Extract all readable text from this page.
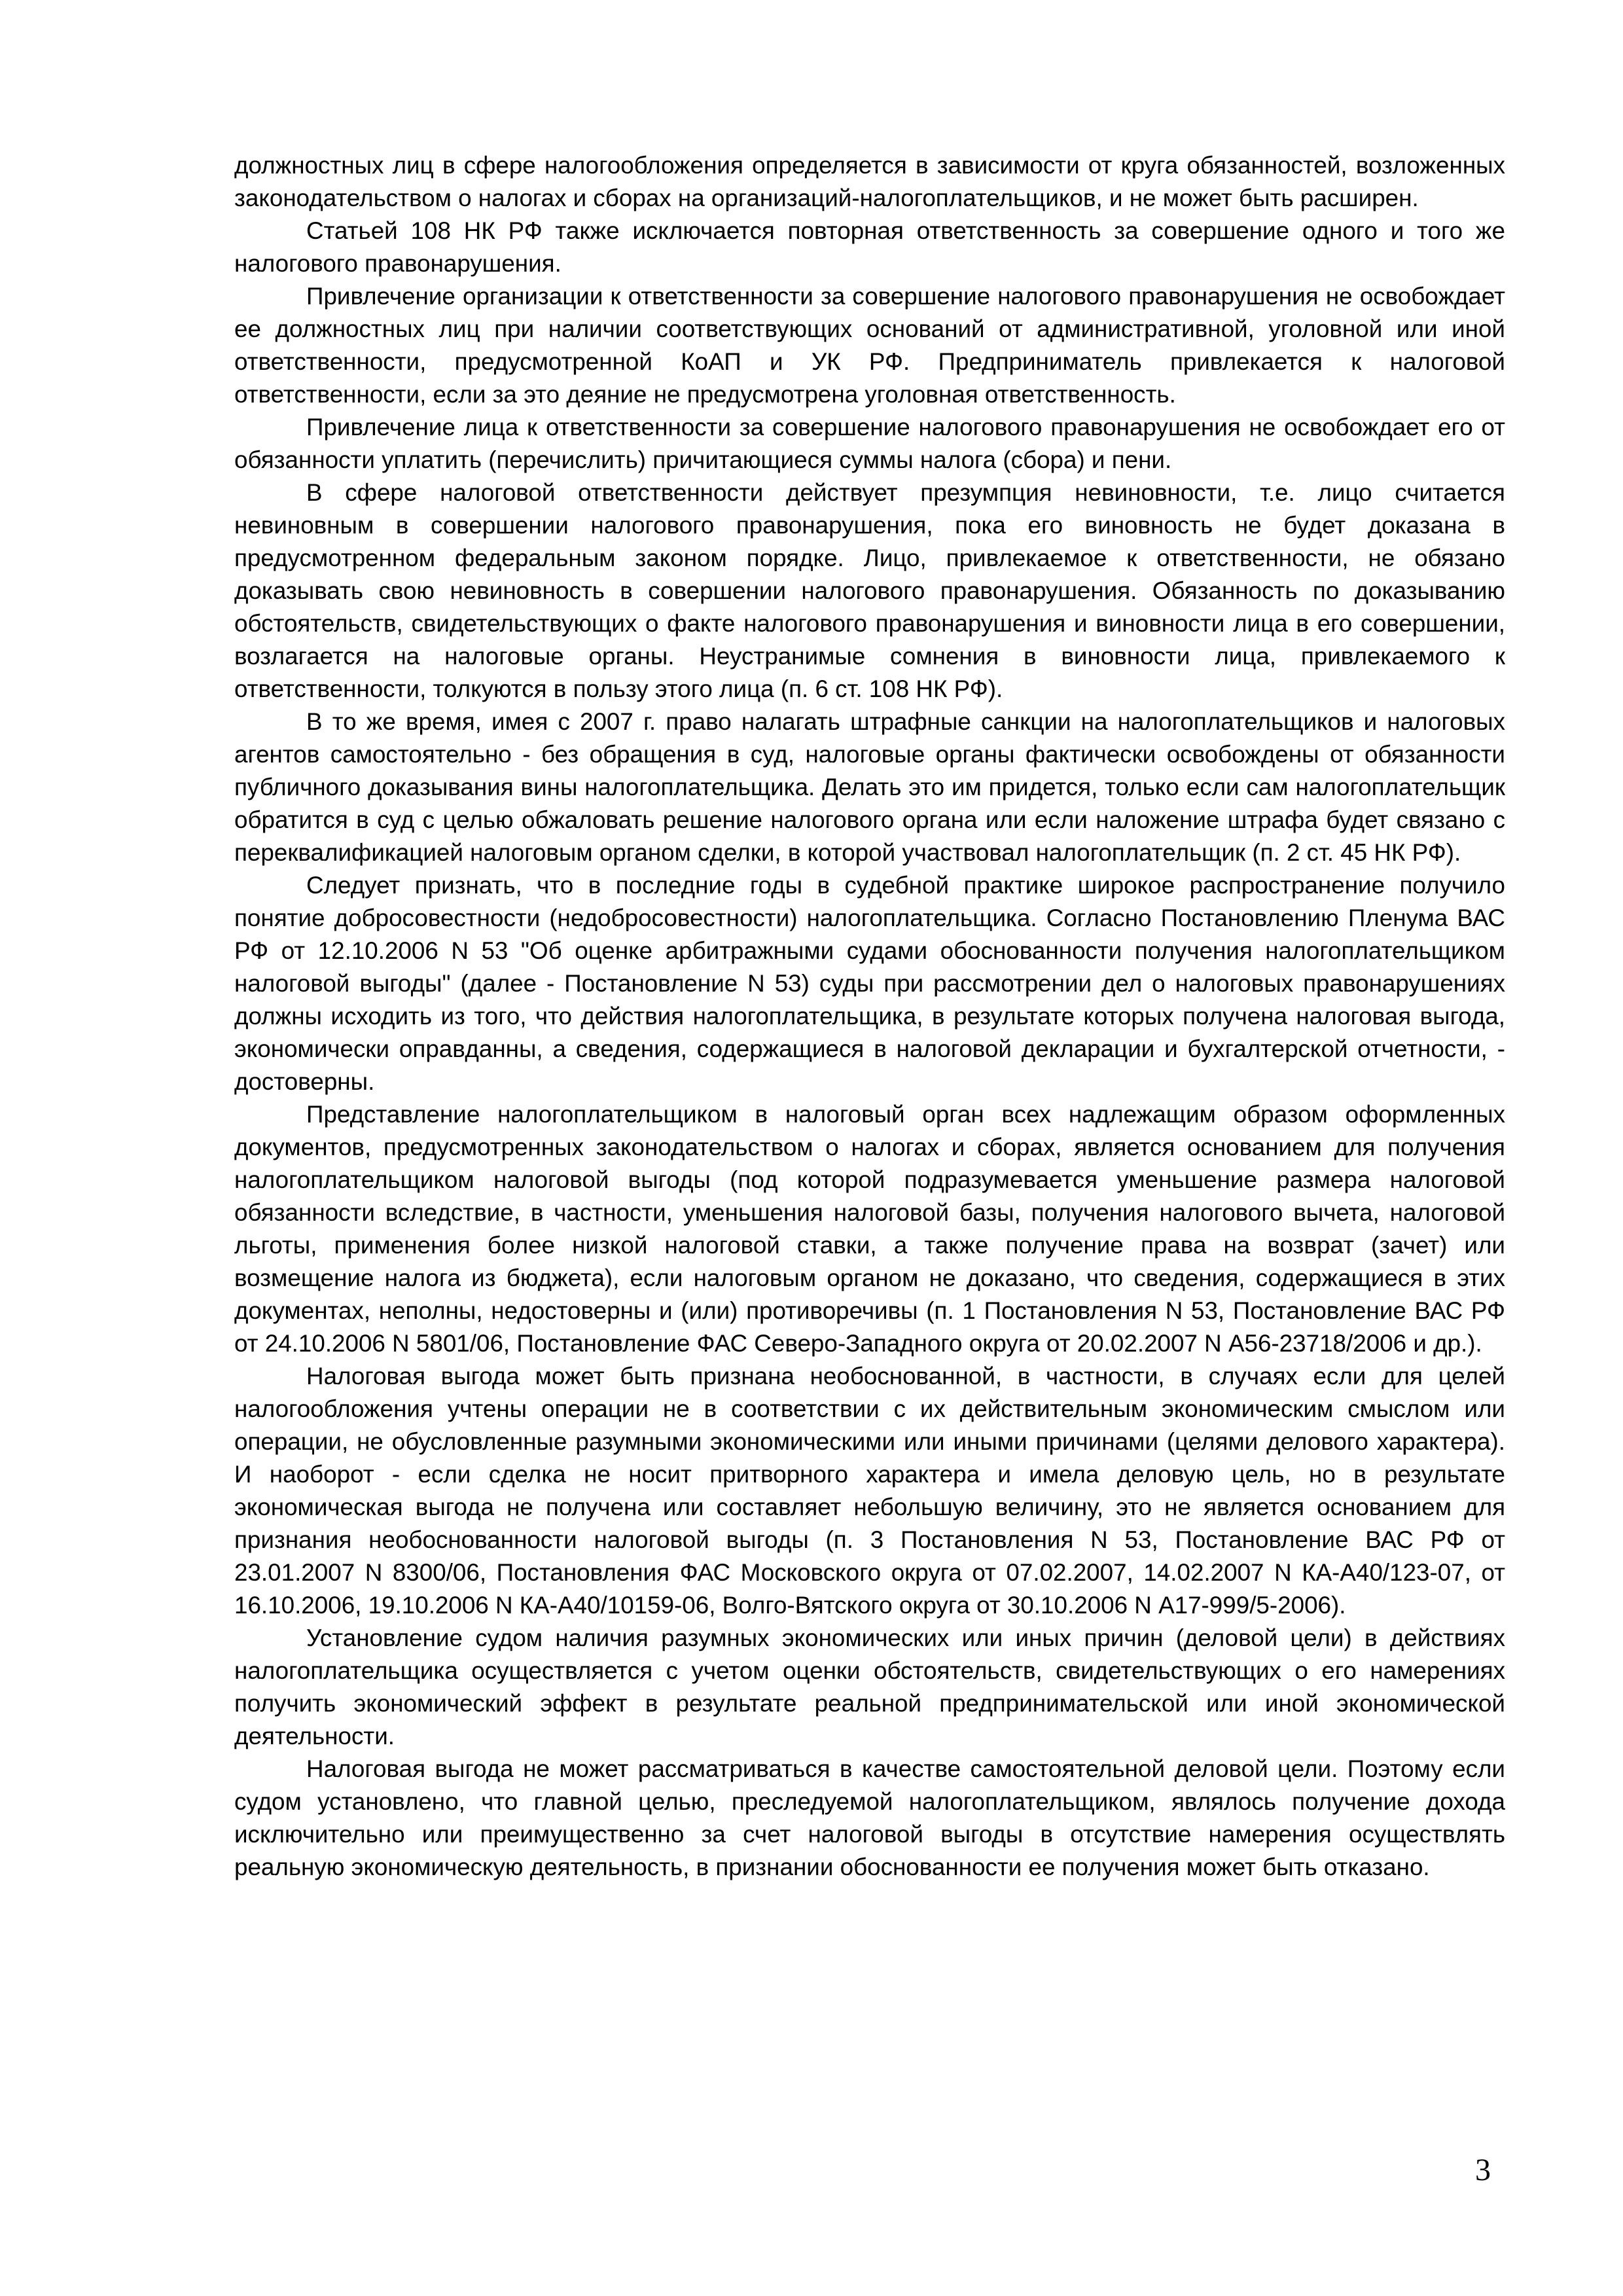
должностных лиц в сфере налогообложения определяется в зависимости от круга обязанностей, возложенных законодательством о налогах и сборах на организаций-налогоплательщиков, и не может быть расширен.

Статьей 108 НК РФ также исключается повторная ответственность за совершение одного и того же налогового правонарушения.

Привлечение организации к ответственности за совершение налогового правонарушения не освобождает ее должностных лиц при наличии соответствующих оснований от административной, уголовной или иной ответственности, предусмотренной КоАП и УК РФ. Предприниматель привлекается к налоговой ответственности, если за это деяние не предусмотрена уголовная ответственность.

Привлечение лица к ответственности за совершение налогового правонарушения не освобождает его от обязанности уплатить (перечислить) причитающиеся суммы налога (сбора) и пени.

В сфере налоговой ответственности действует презумпция невиновности, т.е. лицо считается невиновным в совершении налогового правонарушения, пока его виновность не будет доказана в предусмотренном федеральным законом порядке. Лицо, привлекаемое к ответственности, не обязано доказывать свою невиновность в совершении налогового правонарушения. Обязанность по доказыванию обстоятельств, свидетельствующих о факте налогового правонарушения и виновности лица в его совершении, возлагается на налоговые органы. Неустранимые сомнения в виновности лица, привлекаемого к ответственности, толкуются в пользу этого лица (п. 6 ст. 108 НК РФ).

В то же время, имея с 2007 г. право налагать штрафные санкции на налогоплательщиков и налоговых агентов самостоятельно - без обращения в суд, налоговые органы фактически освобождены от обязанности публичного доказывания вины налогоплательщика. Делать это им придется, только если сам налогоплательщик обратится в суд с целью обжаловать решение налогового органа или если наложение штрафа будет связано с переквалификацией налоговым органом сделки, в которой участвовал налогоплательщик (п. 2 ст. 45 НК РФ).

Следует признать, что в последние годы в судебной практике широкое распространение получило понятие добросовестности (недобросовестности) налогоплательщика. Согласно Постановлению Пленума ВАС РФ от 12.10.2006 N 53 "Об оценке арбитражными судами обоснованности получения налогоплательщиком налоговой выгоды" (далее - Постановление N 53) суды при рассмотрении дел о налоговых правонарушениях должны исходить из того, что действия налогоплательщика, в результате которых получена налоговая выгода, экономически оправданны, а сведения, содержащиеся в налоговой декларации и бухгалтерской отчетности, - достоверны.

Представление налогоплательщиком в налоговый орган всех надлежащим образом оформленных документов, предусмотренных законодательством о налогах и сборах, является основанием для получения налогоплательщиком налоговой выгоды (под которой подразумевается уменьшение размера налоговой обязанности вследствие, в частности, уменьшения налоговой базы, получения налогового вычета, налоговой льготы, применения более низкой налоговой ставки, а также получение права на возврат (зачет) или возмещение налога из бюджета), если налоговым органом не доказано, что сведения, содержащиеся в этих документах, неполны, недостоверны и (или) противоречивы (п. 1 Постановления N 53, Постановление ВАС РФ от 24.10.2006 N 5801/06, Постановление ФАС Северо-Западного округа от 20.02.2007 N А56-23718/2006 и др.).

Налоговая выгода может быть признана необоснованной, в частности, в случаях если для целей налогообложения учтены операции не в соответствии с их действительным экономическим смыслом или операции, не обусловленные разумными экономическими или иными причинами (целями делового характера). И наоборот - если сделка не носит притворного характера и имела деловую цель, но в результате экономическая выгода не получена или составляет небольшую величину, это не является основанием для признания необоснованности налоговой выгоды (п. 3 Постановления N 53, Постановление ВАС РФ от 23.01.2007 N 8300/06, Постановления ФАС Московского округа от 07.02.2007, 14.02.2007 N КА-А40/123-07, от 16.10.2006, 19.10.2006 N КА-А40/10159-06, Волго-Вятского округа от 30.10.2006 N А17-999/5-2006).

Установление судом наличия разумных экономических или иных причин (деловой цели) в действиях налогоплательщика осуществляется с учетом оценки обстоятельств, свидетельствующих о его намерениях получить экономический эффект в результате реальной предпринимательской или иной экономической деятельности.

Налоговая выгода не может рассматриваться в качестве самостоятельной деловой цели. Поэтому если судом установлено, что главной целью, преследуемой налогоплательщиком, являлось получение дохода исключительно или преимущественно за счет налоговой выгоды в отсутствие намерения осуществлять реальную экономическую деятельность, в признании обоснованности ее получения может быть отказано.

3
